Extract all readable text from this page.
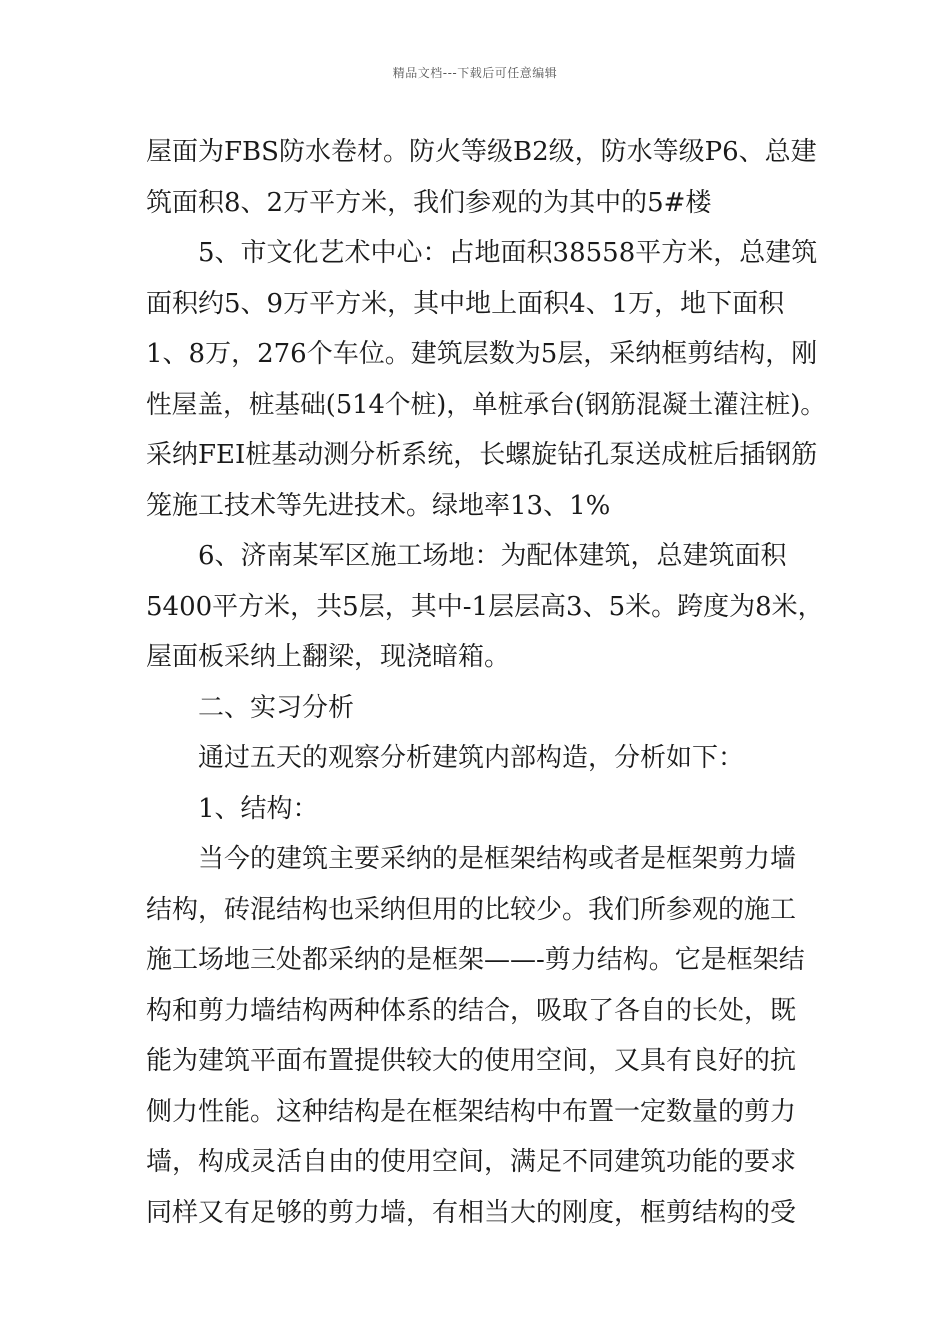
精品文档---下载后可任意编辑
屋面为FBS防水卷材。防火等级B2级，防水等级P6、总建
筑面积8、2万平方米，我们参观的为其中的5#楼
5、市文化艺术中心：占地面积38558平方米，总建筑
面积约5、9万平方米，其中地上面积4、1万，地下面积
1、8万，276个车位。建筑层数为5层，采纳框剪结构，刚
性屋盖，桩基础(514个桩)，单桩承台(钢筋混凝土灌注桩)。
采纳FEI桩基动测分析系统，长螺旋钻孔泵送成桩后插钢筋
笼施工技术等先进技术。绿地率13、1%
6、济南某军区施工场地：为配体建筑，总建筑面积
5400平方米，共5层，其中-1层层高3、5米。跨度为8米，
屋面板采纳上翻梁，现浇暗箱。
二、实习分析
通过五天的观察分析建筑内部构造，分析如下：
1、结构：
当今的建筑主要采纳的是框架结构或者是框架剪力墙
结构，砖混结构也采纳但用的比较少。我们所参观的施工
施工场地三处都采纳的是框架——-剪力结构。它是框架结
构和剪力墙结构两种体系的结合，吸取了各自的长处，既
能为建筑平面布置提供较大的使用空间，又具有良好的抗
侧力性能。这种结构是在框架结构中布置一定数量的剪力
墙，构成灵活自由的使用空间，满足不同建筑功能的要求
同样又有足够的剪力墙，有相当大的刚度，框剪结构的受
